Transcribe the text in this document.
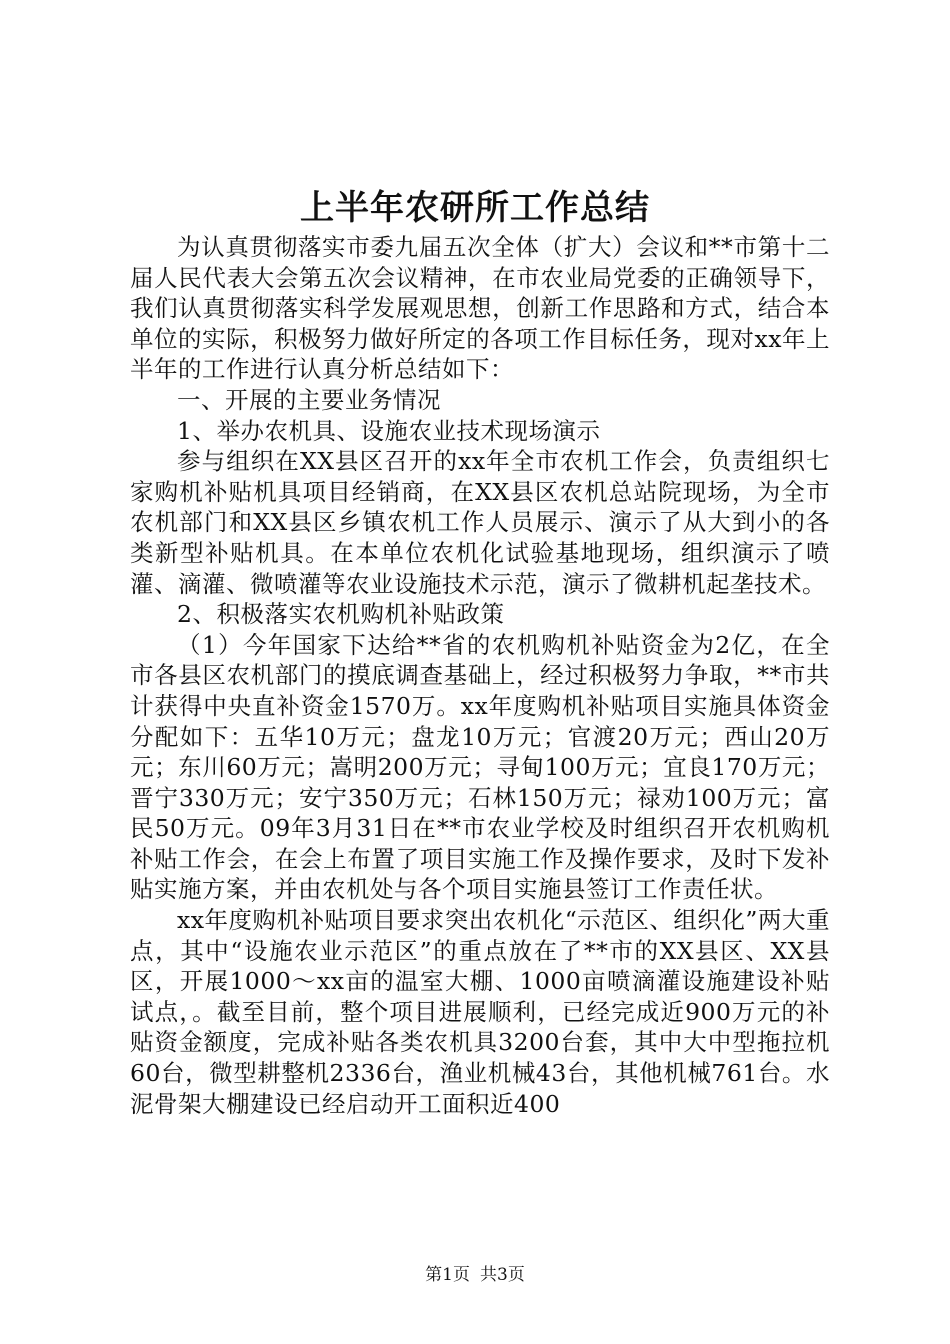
上半年农研所工作总结

为认真贯彻落实市委九届五次全体（扩大）会议和**市第十二届人民代表大会第五次会议精神，在市农业局党委的正确领导下，我们认真贯彻落实科学发展观思想，创新工作思路和方式，结合本单位的实际，积极努力做好所定的各项工作目标任务，现对xx年上半年的工作进行认真分析总结如下：

一、开展的主要业务情况

1、举办农机具、设施农业技术现场演示

参与组织在XX县区召开的xx年全市农机工作会，负责组织七家购机补贴机具项目经销商，在XX县区农机总站院现场，为全市农机部门和XX县区乡镇农机工作人员展示、演示了从大到小的各类新型补贴机具。在本单位农机化试验基地现场，组织演示了喷灌、滴灌、微喷灌等农业设施技术示范，演示了微耕机起垄技术。

2、积极落实农机购机补贴政策

（1）今年国家下达给**省的农机购机补贴资金为2亿，在全市各县区农机部门的摸底调查基础上，经过积极努力争取，**市共计获得中央直补资金1570万。xx年度购机补贴项目实施具体资金分配如下：五华10万元；盘龙10万元；官渡20万元；西山20万元；东川60万元；嵩明200万元；寻甸100万元；宜良170万元；晋宁330万元；安宁350万元；石林150万元；禄劝100万元；富民50万元。09年3月31日在**市农业学校及时组织召开农机购机补贴工作会，在会上布置了项目实施工作及操作要求，及时下发补贴实施方案，并由农机处与各个项目实施县签订工作责任状。

xx年度购机补贴项目要求突出农机化“示范区、组织化”两大重点，其中“设施农业示范区”的重点放在了**市的XX县区、XX县区，开展1000～xx亩的温室大棚、1000亩喷滴灌设施建设补贴试点，。截至目前，整个项目进展顺利，已经完成近900万元的补贴资金额度，完成补贴各类农机具3200台套，其中大中型拖拉机60台，微型耕整机2336台，渔业机械43台，其他机械761台。水泥骨架大棚建设已经启动开工面积近400

第1页 共3页
